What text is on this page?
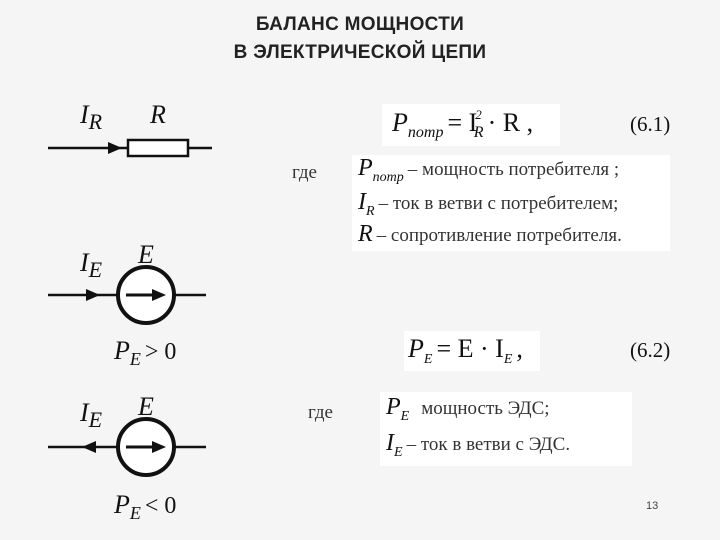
БАЛАНС МОЩНОСТИ
В ЭЛЕКТРИЧЕСКОЙ ЦЕПИ
IR R	Pпотр = $I^2R \cdot R$ ,	(6.1)
где Pпотр – мощность потребителя ;
IR – ток в ветви с потребителем;
R – сопротивление потребителя.
IE
E
PE > 0	PE = E · IE ,	(6.2)
где PE мощность ЭДС;
IE – ток в ветви с ЭДС.
IE E
PE < 0	13
